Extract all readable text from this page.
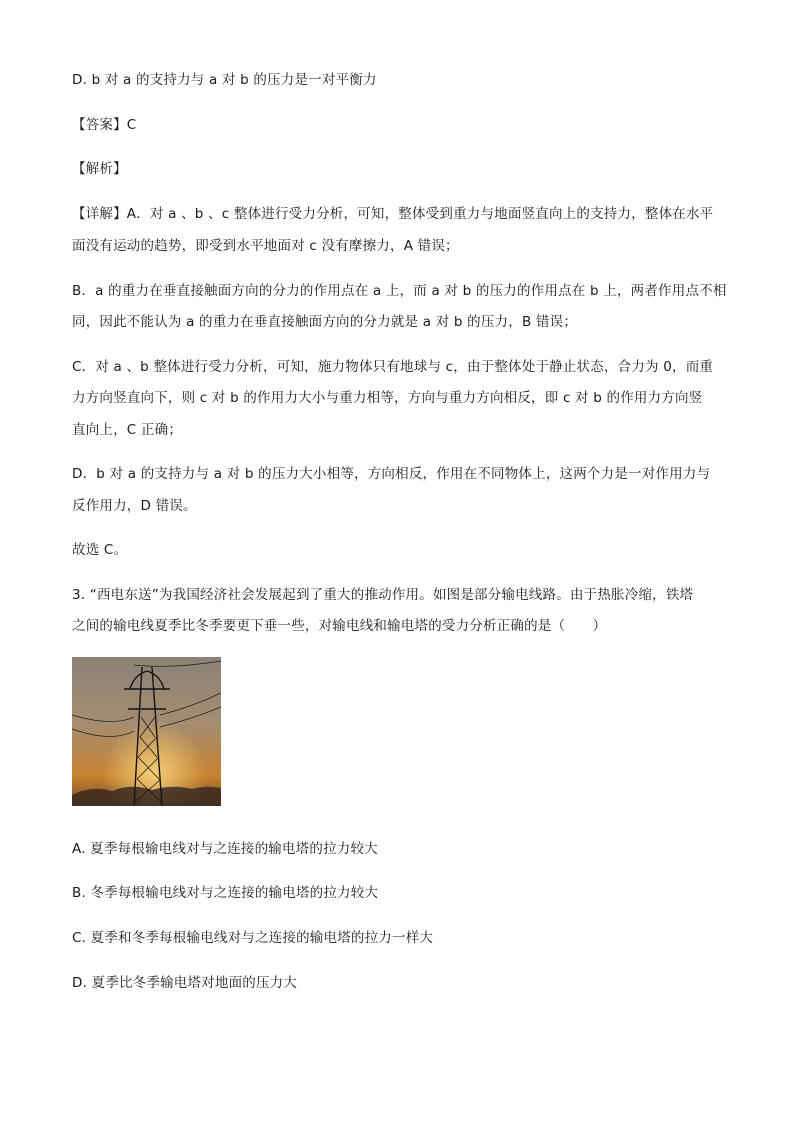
D. b 对 a 的支持力与 a 对 b 的压力是一对平衡力
【答案】C
【解析】
【详解】A．对 a 、b 、c 整体进行受力分析，可知，整体受到重力与地面竖直向上的支持力，整体在水平
面没有运动的趋势，即受到水平地面对 c 没有摩擦力，A 错误；
B．a 的重力在垂直接触面方向的分力的作用点在 a 上，而 a 对 b 的压力的作用点在 b 上，两者作用点不相
同，因此不能认为 a 的重力在垂直接触面方向的分力就是 a 对 b 的压力，B 错误；
C．对 a 、b 整体进行受力分析，可知，施力物体只有地球与 c，由于整体处于静止状态，合力为 0，而重
力方向竖直向下，则 c 对 b 的作用力大小与重力相等，方向与重力方向相反，即 c 对 b 的作用力方向竖
直向上，C 正确；
D．b 对 a 的支持力与 a 对 b 的压力大小相等，方向相反，作用在不同物体上，这两个力是一对作用力与
反作用力，D 错误。
故选 C。
3. “西电东送”为我国经济社会发展起到了重大的推动作用。如图是部分输电线路。由于热胀冷缩，铁塔
之间的输电线夏季比冬季要更下垂一些，对输电线和输电塔的受力分析正确的是（　　）
A. 夏季每根输电线对与之连接的输电塔的拉力较大
B. 冬季每根输电线对与之连接的输电塔的拉力较大
C. 夏季和冬季每根输电线对与之连接的输电塔的拉力一样大
D. 夏季比冬季输电塔对地面的压力大
